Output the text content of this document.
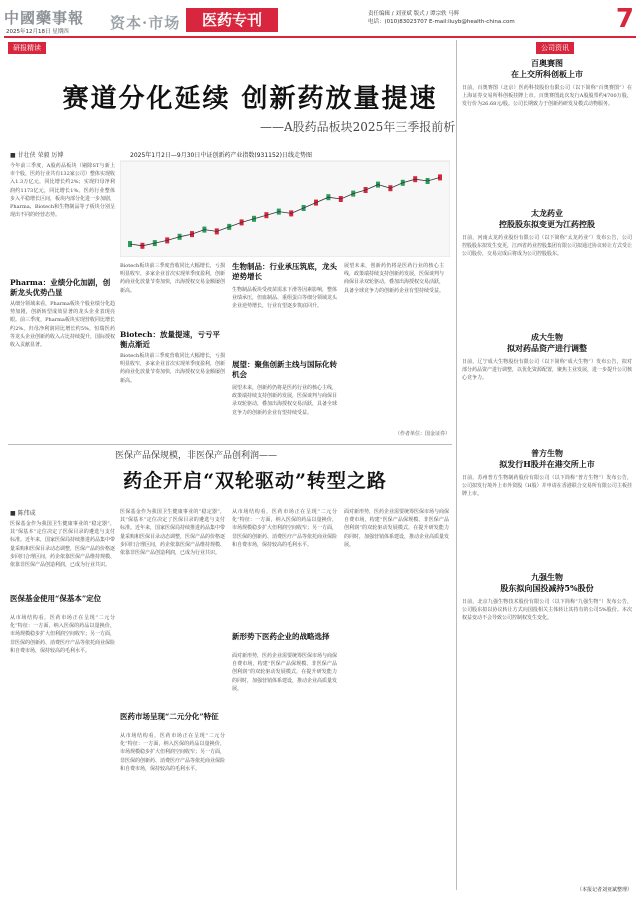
中國藥事報
2025年12月18日 星期四	资本·市场	医药专刊	责任编辑 / 刘亚斌 版式 / 谭宗轶 马辉
电话：(010)83023707 E-mail:liuyb@health-china.com	7
研报精读	公司资讯
赛道分化延续 创新药放量提速
——A股药品板块2025年三季报前析
■ 甘壮侠 荣毅 厉博
今年前三季度，A股药品板块（剔除ST与新上市个股，医药行业共有132家公司）整体实现收入1.3万亿元，同比增长约2%；实现归母净利润约1173亿元，同比增长1%。医药行业整体步入平稳增长区间，板块内部分化进一步加剧，Pharma、Biotech和生物制品等子板块分别呈现出不同的经营态势。
Pharma：业绩分化加剧，创新龙头优势凸显
从细分领域来看，Pharma板块个股业绩分化趋势加剧，创新转型成效显著的龙头企业表现亮眼。前三季度，Pharma板块实现营收同比增长约2%，归母净利润同比增长约5%，恒瑞医药等龙头企业创新药收入占比持续提升，国际授权收入贡献显著。
2025年1月2日—9月30日中证创新药产业指数(931152)日线走势图
Biotech板块前三季度营收同比大幅增长，亏损明显收窄，多家企业首次实现单季度盈利，创新药商业化放量节奏加快，出海授权交易金额屡创新高。
Biotech：放量提速，亏亏平衡点渐近
Biotech板块前三季度营收同比大幅增长，亏损明显收窄，多家企业首次实现单季度盈利，创新药商业化放量节奏加快，出海授权交易金额屡创新高。
生物制品：行业承压筑底，龙头逆势增长
生物制品板块受疫苗需求下滑等因素影响，整体业绩承压，但血制品、重组蛋白等细分领域龙头企业逆势增长，行业有望逐步筑底回升。
展望：聚焦创新主线与国际化转机会
展望未来，创新药仍将是医药行业的核心主线，政策端持续支持创新药发展，医保谈判与商保目录双轮驱动，叠加出海授权交易活跃，具备全球竞争力的创新药企业有望持续受益。
展望未来，创新药仍将是医药行业的核心主线，政策端持续支持创新药发展，医保谈判与商保目录双轮驱动，叠加出海授权交易活跃，具备全球竞争力的创新药企业有望持续受益。
（作者单位：国金证券）
医保产品保规模，非医保产品创利润——
药企开启“双轮驱动”转型之路
■ 陈伟成
医保基金作为我国卫生健康事业的“稳定器”，其“保基本”定位决定了医保目录的遴选与支付标准。近年来，国家医保局持续推进药品集中带量采购和医保目录动态调整，医保产品的价格逐步回归合理区间，药企依靠医保产品维持规模、依靠非医保产品创造利润，已成为行业共识。
医保基金使用“保基本”定位
从市场结构看，医药市场正在呈现“二元分化”特征：一方面，纳入医保的药品以量换价，市场规模稳步扩大但利润空间收窄；另一方面，非医保的创新药、消费医疗产品等依托商业保险和自费市场，保持较高的毛利水平。
医保基金作为我国卫生健康事业的“稳定器”，其“保基本”定位决定了医保目录的遴选与支付标准。近年来，国家医保局持续推进药品集中带量采购和医保目录动态调整，医保产品的价格逐步回归合理区间，药企依靠医保产品维持规模、依靠非医保产品创造利润，已成为行业共识。
医药市场呈现“二元分化”特征
从市场结构看，医药市场正在呈现“二元分化”特征：一方面，纳入医保的药品以量换价，市场规模稳步扩大但利润空间收窄；另一方面，非医保的创新药、消费医疗产品等依托商业保险和自费市场，保持较高的毛利水平。
从市场结构看，医药市场正在呈现“二元分化”特征：一方面，纳入医保的药品以量换价，市场规模稳步扩大但利润空间收窄；另一方面，非医保的创新药、消费医疗产品等依托商业保险和自费市场，保持较高的毛利水平。
新形势下医药企业的战略选择
面对新形势，医药企业需要统筹医保市场与商保自费市场，构建“医保产品保规模、非医保产品创利润”的双轮驱动发展模式，在提升研发能力的同时，加强营销体系建设，推动企业高质量发展。
面对新形势，医药企业需要统筹医保市场与商保自费市场，构建“医保产品保规模、非医保产品创利润”的双轮驱动发展模式，在提升研发能力的同时，加强营销体系建设，推动企业高质量发展。
百奥赛图
在上交所科创板上市
日前，百奥赛图（北京）医药科技股份有限公司（以下简称“百奥赛图”）在上海证券交易所科创板挂牌上市。百奥赛图此次发行A股股票约4700万股，发行价为26.68元/股。公司长期致力于创新药研发及模式动物服务。
太龙药业
控股股东拟变更为江药控股
日前，河南太龙药业股份有限公司（以下简称“太龙药业”）发布公告，公司控股股东拟发生变更，江西省药业控股集团有限公司拟通过协议转让方式受让公司股份，交易完成后将成为公司控股股东。
成大生物
拟对药品资产进行调整
日前，辽宁成大生物股份有限公司（以下简称“成大生物”）发布公告，拟对部分药品资产进行调整，以优化资源配置，聚焦主业发展，进一步提升公司核心竞争力。
普方生物
拟发行H股并在港交所上市
日前，苏州普方生物制药股份有限公司（以下简称“普方生物”）发布公告，公司拟发行境外上市外资股（H股）并申请在香港联合交易所有限公司主板挂牌上市。
九强生物
股东拟向国投减持5%股份
日前，北京九强生物技术股份有限公司（以下简称“九强生物”）发布公告，公司股东拟以协议转让方式向国投相关主体转让其持有的公司5%股份。本次权益变动不会导致公司控制权发生变化。
（本报记者刘亚斌整理）
